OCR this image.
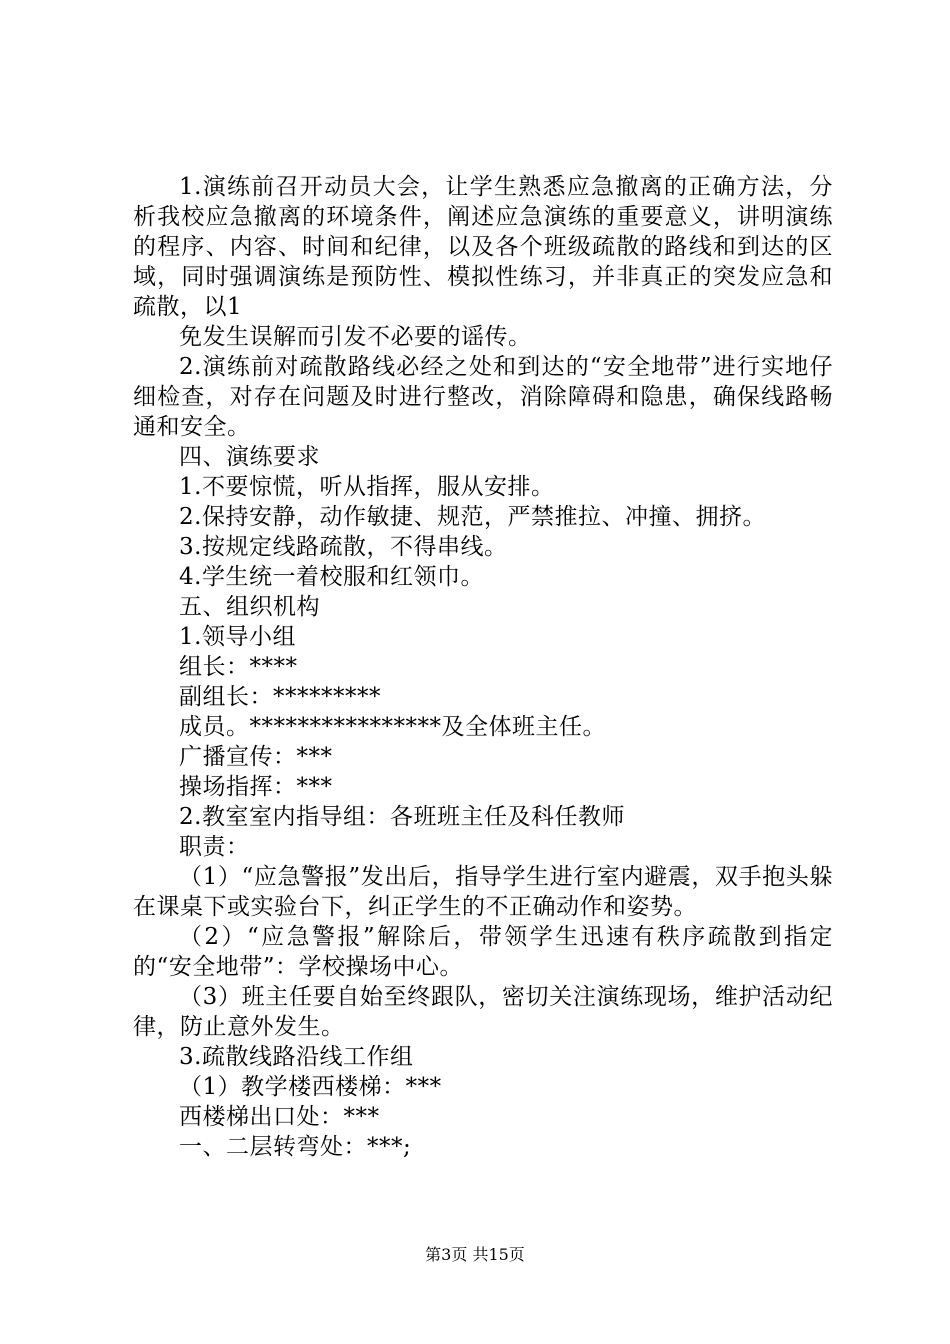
1.演练前召开动员大会，让学生熟悉应急撤离的正确方法，分析我校应急撤离的环境条件，阐述应急演练的重要意义，讲明演练的程序、内容、时间和纪律，以及各个班级疏散的路线和到达的区域，同时强调演练是预防性、模拟性练习，并非真正的突发应急和疏散，以1

免发生误解而引发不必要的谣传。

2.演练前对疏散路线必经之处和到达的“安全地带”进行实地仔细检查，对存在问题及时进行整改，消除障碍和隐患，确保线路畅通和安全。

四、演练要求

1.不要惊慌，听从指挥，服从安排。

2.保持安静，动作敏捷、规范，严禁推拉、冲撞、拥挤。

3.按规定线路疏散，不得串线。

4.学生统一着校服和红领巾。

五、组织机构

1.领导小组

组长：****

副组长：*********

成员。****************及全体班主任。

广播宣传：***

操场指挥：***

2.教室室内指导组：各班班主任及科任教师

职责：

（1）“应急警报”发出后，指导学生进行室内避震，双手抱头躲在课桌下或实验台下，纠正学生的不正确动作和姿势。

（2）“应急警报”解除后，带领学生迅速有秩序疏散到指定的“安全地带”：学校操场中心。

（3）班主任要自始至终跟队，密切关注演练现场，维护活动纪律，防止意外发生。

3.疏散线路沿线工作组

（1）教学楼西楼梯：***

西楼梯出口处：***

一、二层转弯处：***;

第3页 共15页
